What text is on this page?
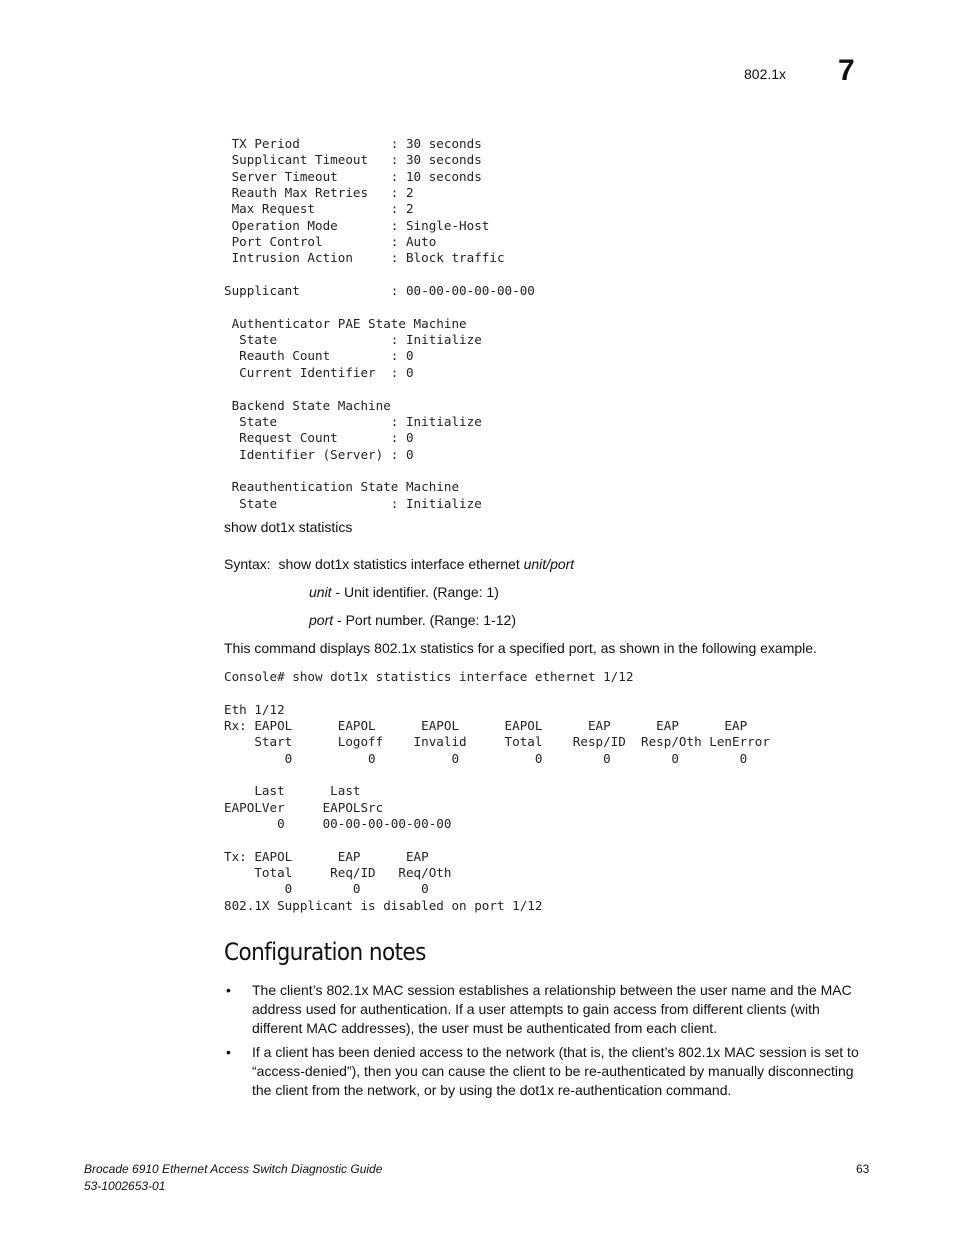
802.1x 7
TX Period            : 30 seconds
Supplicant Timeout   : 30 seconds
Server Timeout       : 10 seconds
Reauth Max Retries   : 2
Max Request          : 2
Operation Mode       : Single-Host
Port Control         : Auto
Intrusion Action     : Block traffic

Supplicant            : 00-00-00-00-00-00

Authenticator PAE State Machine
State               : Initialize
Reauth Count        : 0
Current Identifier  : 0

Backend State Machine
State               : Initialize
Request Count       : 0
Identifier (Server) : 0

Reauthentication State Machine
State               : Initialize
show dot1x statistics
Syntax: show dot1x statistics interface ethernet unit/port
unit - Unit identifier. (Range: 1)
port - Port number. (Range: 1-12)
This command displays 802.1x statistics for a specified port, as shown in the following example.
Console# show dot1x statistics interface ethernet 1/12

Eth 1/12
Rx: EAPOL      EAPOL      EAPOL      EAPOL      EAP      EAP      EAP
Start      Logoff    Invalid     Total    Resp/ID  Resp/Oth LenError
0          0          0          0        0        0        0

Last      Last
EAPOLVer     EAPOLSrc
0     00-00-00-00-00-00

Tx: EAPOL      EAP      EAP
Total     Req/ID   Req/Oth
0        0        0
802.1X Supplicant is disabled on port 1/12
Configuration notes
• The client’s 802.1x MAC session establishes a relationship between the user name and the MAC address used for authentication. If a user attempts to gain access from different clients (with different MAC addresses), the user must be authenticated from each client.
• If a client has been denied access to the network (that is, the client’s 802.1x MAC session is set to “access-denied”), then you can cause the client to be re-authenticated by manually disconnecting the client from the network, or by using the dot1x re-authentication command.
Brocade 6910 Ethernet Access Switch Diagnostic Guide
53-1002653-01
63
